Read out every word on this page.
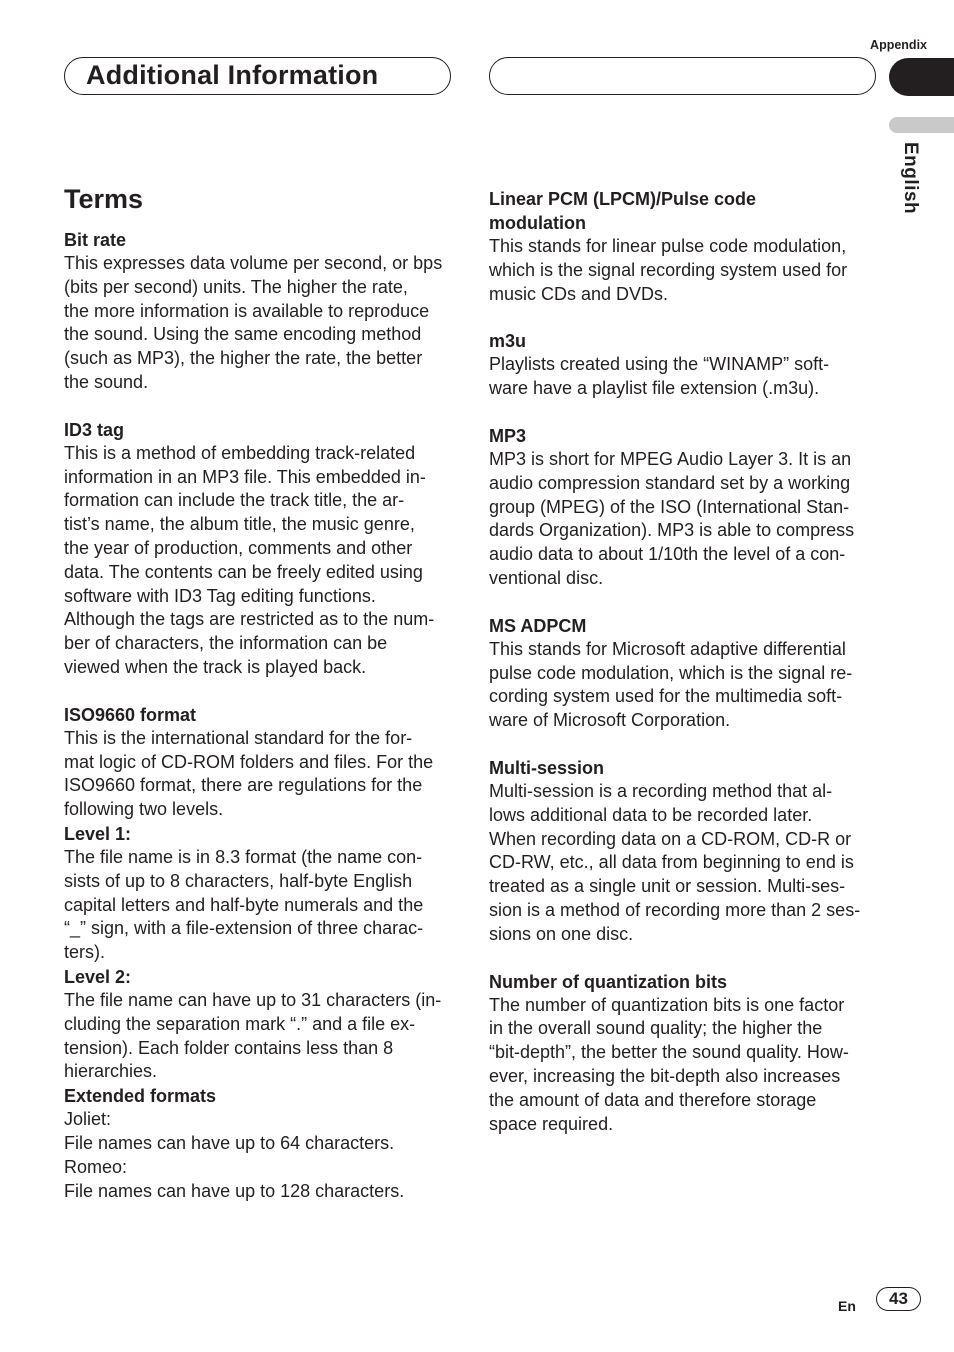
Appendix
Additional Information
English
Terms

Bit rate

This expresses data volume per second, or bps

(bits per second) units. The higher the rate,

the more information is available to reproduce

the sound. Using the same encoding method

(such as MP3), the higher the rate, the better

the sound.

ID3 tag

This is a method of embedding track-related

information in an MP3 file. This embedded in-

formation can include the track title, the ar-

tist’s name, the album title, the music genre,

the year of production, comments and other

data. The contents can be freely edited using

software with ID3 Tag editing functions.

Although the tags are restricted as to the num-

ber of characters, the information can be

viewed when the track is played back.

ISO9660 format

This is the international standard for the for-

mat logic of CD-ROM folders and files. For the

ISO9660 format, there are regulations for the

following two levels.

Level 1:

The file name is in 8.3 format (the name con-

sists of up to 8 characters, half-byte English

capital letters and half-byte numerals and the

“_” sign, with a file-extension of three charac-

ters).

Level 2:

The file name can have up to 31 characters (in-

cluding the separation mark “.” and a file ex-

tension). Each folder contains less than 8

hierarchies.

Extended formats

Joliet:

File names can have up to 64 characters.

Romeo:

File names can have up to 128 characters.

Linear PCM (LPCM)/Pulse code

modulation

This stands for linear pulse code modulation,

which is the signal recording system used for

music CDs and DVDs.

m3u

Playlists created using the “WINAMP” soft-

ware have a playlist file extension (.m3u).

MP3

MP3 is short for MPEG Audio Layer 3. It is an

audio compression standard set by a working

group (MPEG) of the ISO (International Stan-

dards Organization). MP3 is able to compress

audio data to about 1/10th the level of a con-

ventional disc.

MS ADPCM

This stands for Microsoft adaptive differential

pulse code modulation, which is the signal re-

cording system used for the multimedia soft-

ware of Microsoft Corporation.

Multi-session

Multi-session is a recording method that al-

lows additional data to be recorded later.

When recording data on a CD-ROM, CD-R or

CD-RW, etc., all data from beginning to end is

treated as a single unit or session. Multi-ses-

sion is a method of recording more than 2 ses-

sions on one disc.

Number of quantization bits

The number of quantization bits is one factor

in the overall sound quality; the higher the

“bit-depth”, the better the sound quality. How-

ever, increasing the bit-depth also increases

the amount of data and therefore storage

space required.

En	43
